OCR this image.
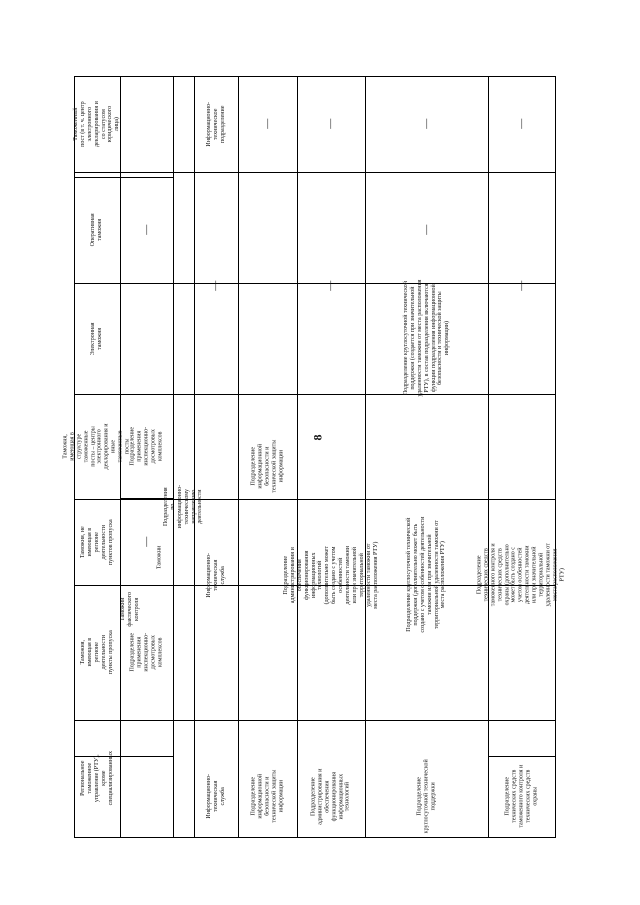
8
Таможенный пост (в т. ч. центр электронного декларирования и со статусом юридического лица)
Оперативная таможня
Электронная таможня
Таможня, имеющая в структуре таможенные посты – центры электронного декларирования и иные таможенные посты
Таможня, не имеющая в регионе деятельности пунктов пропуска
Таможня, имеющая в регионе деятельности пункты пропуска
Региональное таможенное управление (РТУ), кроме специализированных
Таможни
Таможни фактического контроля
Подразделение применения инспекционно-досмотровых комплексов
—
Подразделение применения инспекционно-досмотровых комплексов
—
Подразделения по информационно-техническому направлению деятельности
Информационно-техническая служба
Информационно-техническая служба
—
Информационно-техническое подразделение
Подразделение информационной безопасности и технической защиты информации
Подразделение информационной безопасности и технической защиты информации
—
Подразделение администрирования и обеспечения функционирования информационных технологий
Подразделение администрирования и обеспечения функционирования информационных технологий (дополнительно может быть создано с учетом особенностей деятельности таможни или при значительной территориальной удаленности таможни от места расположения РТУ)
—
—
Подразделение круглосуточной технической поддержки
Подразделение круглосуточной технической поддержки (дополнительно может быть создано с учетом особенностей деятельности таможни или при значительной территориальной удаленности таможни от места расположения РТУ)
Подразделение круглосуточной технической поддержки (создается при значительной удаленности таможни от места расположения РТУ), в состав подразделения включаются функции подразделения информационной безопасности и технической защиты информации)
—
—
Подразделение технических средств таможенного контроля и технических средств охраны
Подразделение технических средств таможенного контроля и технических средств охраны (дополнительно может быть создано с учетом особенностей деятельности таможни или при значительной территориальной удаленности таможни от места расположения РТУ)
—
—
